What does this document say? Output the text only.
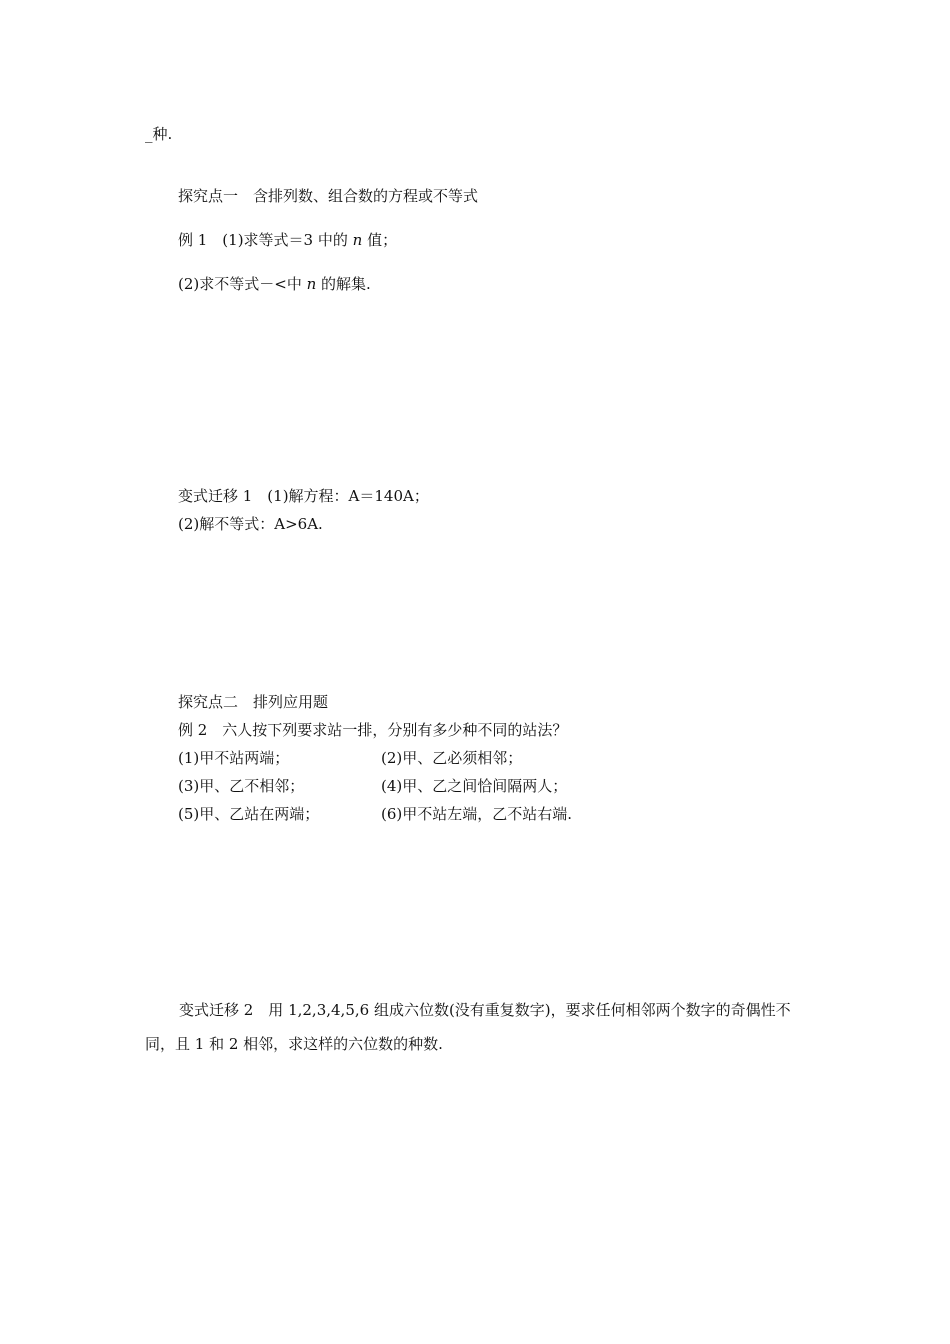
_种.
探究点一　含排列数、组合数的方程或不等式
例 1　(1)求等式＝3 中的 n 值；
(2)求不等式－<中 n 的解集.
变式迁移 1　(1)解方程：A＝140A；
(2)解不等式：A>6A.
探究点二　排列应用题
例 2　六人按下列要求站一排，分别有多少种不同的站法？
(1)甲不站两端；	(2)甲、乙必须相邻；
(3)甲、乙不相邻；	(4)甲、乙之间恰间隔两人；
(5)甲、乙站在两端；	(6)甲不站左端，乙不站右端.
变式迁移 2　用 1,2,3,4,5,6 组成六位数(没有重复数字)，要求任何相邻两个数字的奇偶性不同，且 1 和 2 相邻，求这样的六位数的种数.
